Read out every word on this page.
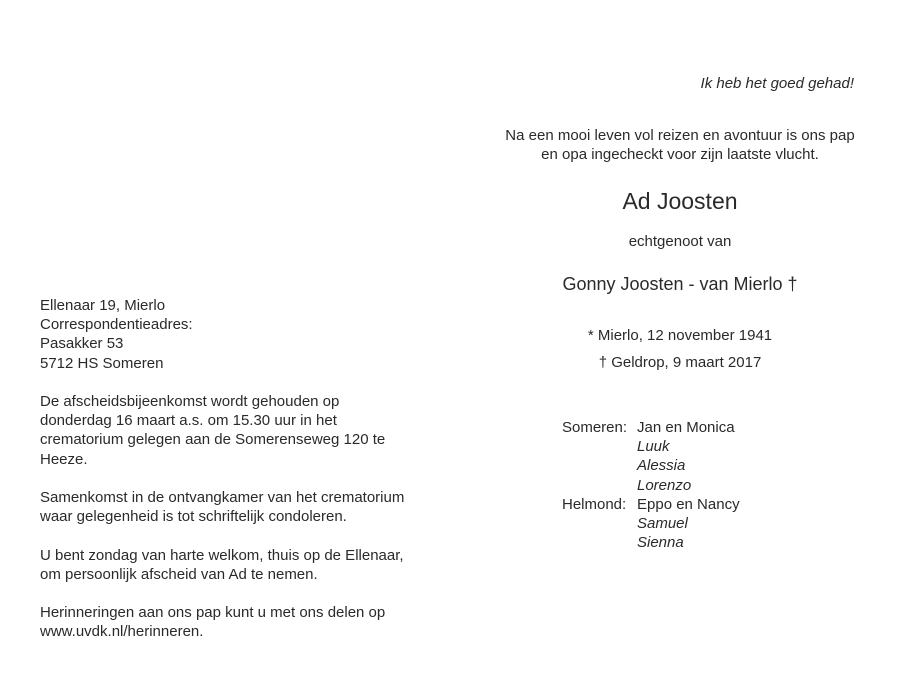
Ik heb het goed gehad!
Na een mooi leven vol reizen en avontuur is ons pap
en opa ingecheckt voor zijn laatste vlucht.
Ad Joosten
echtgenoot van
Gonny Joosten - van Mierlo †
* Mierlo, 12 november 1941
† Geldrop, 9 maart 2017
Someren: Jan en Monica
Luuk
Alessia
Lorenzo
Helmond: Eppo en Nancy
Samuel
Sienna
Ellenaar 19, Mierlo
Correspondentieadres:
Pasakker 53
5712 HS Someren
De afscheidsbijeenkomst wordt gehouden op
donderdag 16 maart a.s. om 15.30 uur in het
crematorium gelegen aan de Somerenseweg 120 te
Heeze.
Samenkomst in de ontvangkamer van het crematorium
waar gelegenheid is tot schriftelijk condoleren.
U bent zondag van harte welkom, thuis op de Ellenaar,
om persoonlijk afscheid van Ad te nemen.
Herinneringen aan ons pap kunt u met ons delen op
www.uvdk.nl/herinneren.
